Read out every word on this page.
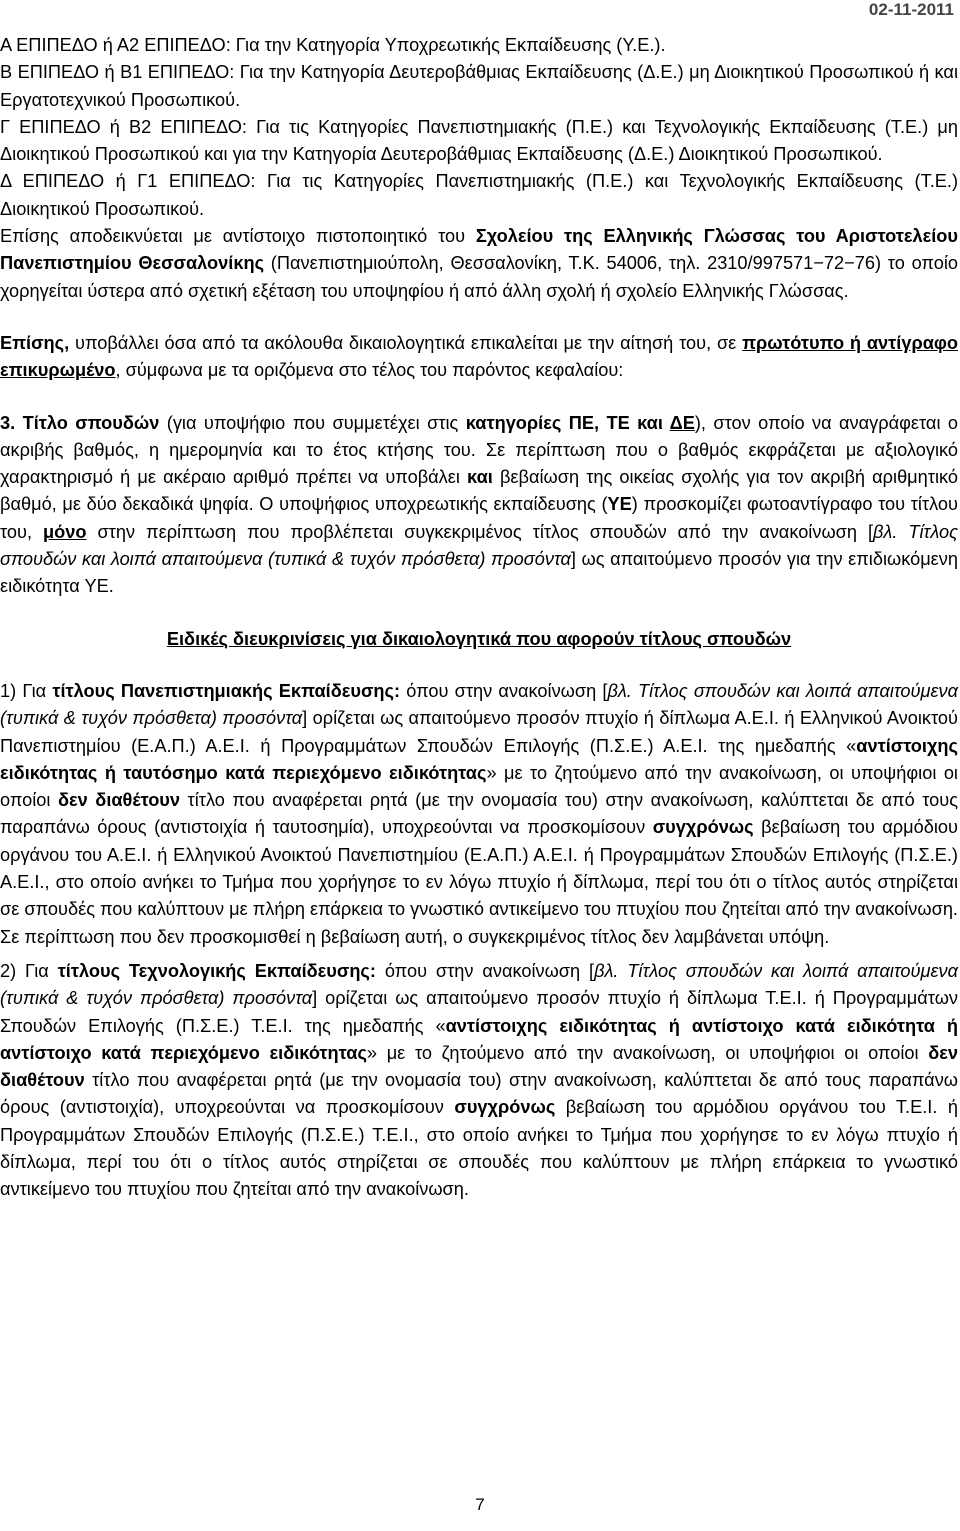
02-11-2011

Α ΕΠΙΠΕΔΟ ή Α2 ΕΠΙΠΕΔΟ: Για την Κατηγορία Υποχρεωτικής Εκπαίδευσης (Υ.Ε.).

Β ΕΠΙΠΕΔΟ ή Β1 ΕΠΙΠΕΔΟ: Για την Κατηγορία Δευτεροβάθμιας Εκπαίδευσης (Δ.Ε.) μη Διοικητικού Προσωπικού ή και Εργατοτεχνικού Προσωπικού.

Γ ΕΠΙΠΕΔΟ ή Β2 ΕΠΙΠΕΔΟ: Για τις Κατηγορίες Πανεπιστημιακής (Π.Ε.) και Τεχνολογικής Εκπαίδευσης (Τ.Ε.) μη Διοικητικού Προσωπικού και για την Κατηγορία Δευτεροβάθμιας Εκπαίδευσης (Δ.Ε.) Διοικητικού Προσωπικού.

Δ ΕΠΙΠΕΔΟ ή Γ1 ΕΠΙΠΕΔΟ: Για τις Κατηγορίες Πανεπιστημιακής (Π.Ε.) και Τεχνολογικής Εκπαίδευσης (Τ.Ε.) Διοικητικού Προσωπικού.

Επίσης αποδεικνύεται με αντίστοιχο πιστοποιητικό του Σχολείου της Ελληνικής Γλώσσας του Αριστοτελείου Πανεπιστημίου Θεσσαλονίκης (Πανεπιστημιούπολη, Θεσσαλονίκη, Τ.Κ. 54006, τηλ. 2310/997571−72−76) το οποίο χορηγείται ύστερα από σχετική εξέταση του υποψηφίου ή από άλλη σχολή ή σχολείο Ελληνικής Γλώσσας.

Επίσης, υποβάλλει όσα από τα ακόλουθα δικαιολογητικά επικαλείται με την αίτησή του, σε πρωτότυπο ή αντίγραφο επικυρωμένο, σύμφωνα με τα οριζόμενα στο τέλος του παρόντος κεφαλαίου:

3. Τίτλο σπουδών (για υποψήφιο που συμμετέχει στις κατηγορίες ΠΕ, ΤΕ και ΔΕ), στον οποίο να αναγράφεται ο ακριβής βαθμός, η ημερομηνία και το έτος κτήσης του. Σε περίπτωση που ο βαθμός εκφράζεται με αξιολογικό χαρακτηρισμό ή με ακέραιο αριθμό πρέπει να υποβάλει και βεβαίωση της οικείας σχολής για τον ακριβή αριθμητικό βαθμό, με δύο δεκαδικά ψηφία. Ο υποψήφιος υποχρεωτικής εκπαίδευσης (ΥΕ) προσκομίζει φωτοαντίγραφο του τίτλου του, μόνο στην περίπτωση που προβλέπεται συγκεκριμένος τίτλος σπουδών από την ανακοίνωση [βλ. Τίτλος σπουδών και λοιπά απαιτούμενα (τυπικά & τυχόν πρόσθετα) προσόντα] ως απαιτούμενο προσόν για την επιδιωκόμενη ειδικότητα ΥΕ.

Ειδικές διευκρινίσεις για δικαιολογητικά που αφορούν τίτλους σπουδών

1) Για τίτλους Πανεπιστημιακής Εκπαίδευσης: όπου στην ανακοίνωση [βλ. Τίτλος σπουδών και λοιπά απαιτούμενα (τυπικά & τυχόν πρόσθετα) προσόντα] ορίζεται ως απαιτούμενο προσόν πτυχίο ή δίπλωμα Α.Ε.Ι. ή Ελληνικού Ανοικτού Πανεπιστημίου (Ε.Α.Π.) Α.Ε.Ι. ή Προγραμμάτων Σπουδών Επιλογής (Π.Σ.Ε.) Α.Ε.Ι. της ημεδαπής «αντίστοιχης ειδικότητας ή ταυτόσημο κατά περιεχόμενο ειδικότητας» με το ζητούμενο από την ανακοίνωση, οι υποψήφιοι οι οποίοι δεν διαθέτουν τίτλο που αναφέρεται ρητά (με την ονομασία του) στην ανακοίνωση, καλύπτεται δε από τους παραπάνω όρους (αντιστοιχία ή ταυτοσημία), υποχρεούνται να προσκομίσουν συγχρόνως βεβαίωση του αρμόδιου οργάνου του Α.Ε.Ι. ή Ελληνικού Ανοικτού Πανεπιστημίου (Ε.Α.Π.) Α.Ε.Ι. ή Προγραμμάτων Σπουδών Επιλογής (Π.Σ.Ε.) Α.Ε.Ι., στο οποίο ανήκει το Τμήμα που χορήγησε το εν λόγω πτυχίο ή δίπλωμα, περί του ότι ο τίτλος αυτός στηρίζεται σε σπουδές που καλύπτουν με πλήρη επάρκεια το γνωστικό αντικείμενο του πτυχίου που ζητείται από την ανακοίνωση. Σε περίπτωση που δεν προσκομισθεί η βεβαίωση αυτή, ο συγκεκριμένος τίτλος δεν λαμβάνεται υπόψη.

2) Για τίτλους Τεχνολογικής Εκπαίδευσης: όπου στην ανακοίνωση [βλ. Τίτλος σπουδών και λοιπά απαιτούμενα (τυπικά & τυχόν πρόσθετα) προσόντα] ορίζεται ως απαιτούμενο προσόν πτυχίο ή δίπλωμα Τ.Ε.Ι. ή Προγραμμάτων Σπουδών Επιλογής (Π.Σ.Ε.) Τ.Ε.Ι. της ημεδαπής «αντίστοιχης ειδικότητας ή αντίστοιχο κατά ειδικότητα ή αντίστοιχο κατά περιεχόμενο ειδικότητας» με το ζητούμενο από την ανακοίνωση, οι υποψήφιοι οι οποίοι δεν διαθέτουν τίτλο που αναφέρεται ρητά (με την ονομασία του) στην ανακοίνωση, καλύπτεται δε από τους παραπάνω όρους (αντιστοιχία), υποχρεούνται να προσκομίσουν συγχρόνως βεβαίωση του αρμόδιου οργάνου του Τ.Ε.Ι. ή Προγραμμάτων Σπουδών Επιλογής (Π.Σ.Ε.) Τ.Ε.Ι., στο οποίο ανήκει το Τμήμα που χορήγησε το εν λόγω πτυχίο ή δίπλωμα, περί του ότι ο τίτλος αυτός στηρίζεται σε σπουδές που καλύπτουν με πλήρη επάρκεια το γνωστικό αντικείμενο του πτυχίου που ζητείται από την ανακοίνωση.

7
